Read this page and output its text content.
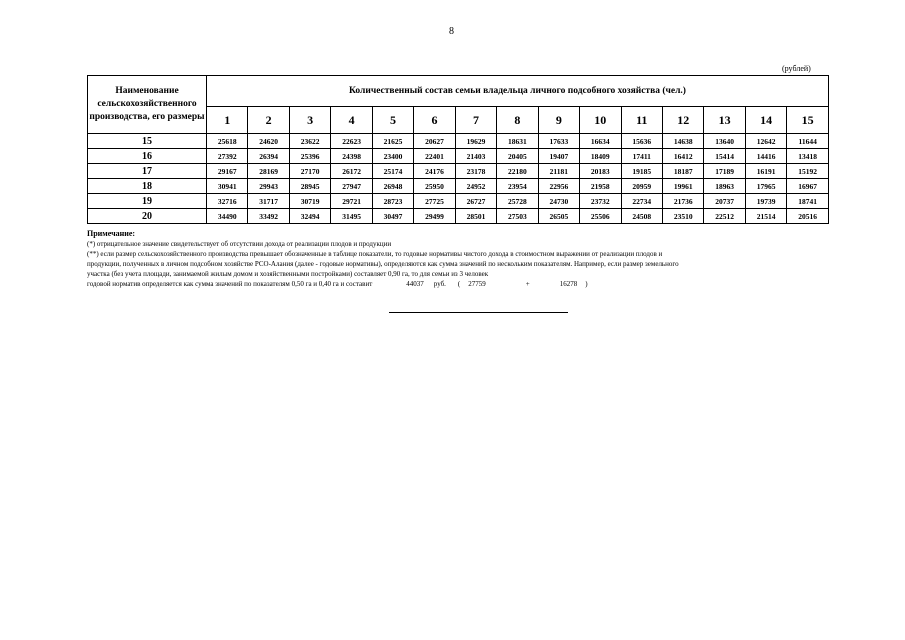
8
(рублей)
Наименование сельскохозяйственного производства, его размеры	Количественный состав семьи владельца личного подсобного хозяйства (чел.)														
	1	2	3	4	5	6	7	8	9	10	11	12	13	14	15
15	25618	24620	23622	22623	21625	20627	19629	18631	17633	16634	15636	14638	13640	12642	11644
16	27392	26394	25396	24398	23400	22401	21403	20405	19407	18409	17411	16412	15414	14416	13418
17	29167	28169	27170	26172	25174	24176	23178	22180	21181	20183	19185	18187	17189	16191	15192
18	30941	29943	28945	27947	26948	25950	24952	23954	22956	21958	20959	19961	18963	17965	16967
19	32716	31717	30719	29721	28723	27725	26727	25728	24730	23732	22734	21736	20737	19739	18741
20	34490	33492	32494	31495	30497	29499	28501	27503	26505	25506	24508	23510	22512	21514	20516
Примечание:
(*) отрицательное значение свидетельствует об отсутствии дохода от реализации плодов и продукции
(**) если размер сельскохозяйственного производства превышает обозначенные в таблице показатели, то годовые нормативы чистого дохода в стоимостном выражении от реализации плодов и
продукции, полученных в личном подсобном хозяйстве РСО-Алания (далее - годовые нормативы), определяются как сумма значений по нескольким показателям. Например, если размер земельного
участка (без учета площади, занимаемой жилым домом и хозяйственными постройками) составляет 0,90 га, то для семьи из 3 человек
годовой норматив определяется как сумма значений по показателям 0,50 га и 0,40 га и составит	44037 руб. ( 27759	+	16278 )
